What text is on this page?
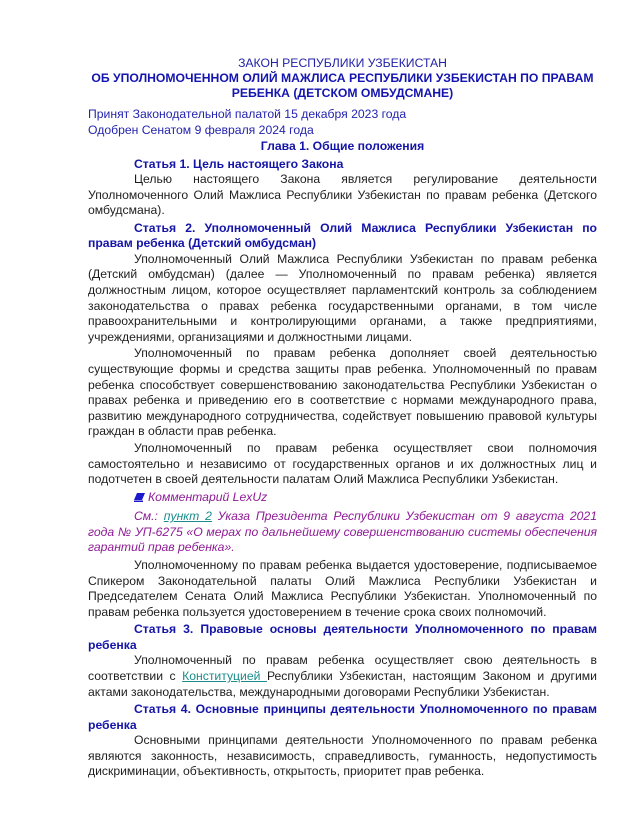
ЗАКОН РЕСПУБЛИКИ УЗБЕКИСТАН

ОБ УПОЛНОМОЧЕННОМ ОЛИЙ МАЖЛИСА РЕСПУБЛИКИ УЗБЕКИСТАН ПО ПРАВАМ РЕБЕНКА (ДЕТСКОМ ОМБУДСМАНЕ)

Принят Законодательной палатой 15 декабря 2023 года

Одобрен Сенатом 9 февраля 2024 года

Глава 1. Общие положения

Статья 1. Цель настоящего Закона

Целью настоящего Закона является регулирование деятельности Уполномоченного Олий Мажлиса Республики Узбекистан по правам ребенка (Детского омбудсмана).

Статья 2. Уполномоченный Олий Мажлиса Республики Узбекистан по правам ребенка (Детский омбудсман)

Уполномоченный Олий Мажлиса Республики Узбекистан по правам ребенка (Детский омбудсман) (далее — Уполномоченный по правам ребенка) является должностным лицом, которое осуществляет парламентский контроль за соблюдением законодательства о правах ребенка государственными органами, в том числе правоохранительными и контролирующими органами, а также предприятиями, учреждениями, организациями и должностными лицами.

Уполномоченный по правам ребенка дополняет своей деятельностью существующие формы и средства защиты прав ребенка. Уполномоченный по правам ребенка способствует совершенствованию законодательства Республики Узбекистан о правах ребенка и приведению его в соответствие с нормами международного права, развитию международного сотрудничества, содействует повышению правовой культуры граждан в области прав ребенка.

Уполномоченный по правам ребенка осуществляет свои полномочия самостоятельно и независимо от государственных органов и их должностных лиц и подотчетен в своей деятельности палатам Олий Мажлиса Республики Узбекистан.

Комментарий LexUz

См.: пункт 2 Указа Президента Республики Узбекистан от 9 августа 2021 года № УП-6275 «О мерах по дальнейшему совершенствованию системы обеспечения гарантий прав ребенка».

Уполномоченному по правам ребенка выдается удостоверение, подписываемое Спикером Законодательной палаты Олий Мажлиса Республики Узбекистан и Председателем Сената Олий Мажлиса Республики Узбекистан. Уполномоченный по правам ребенка пользуется удостоверением в течение срока своих полномочий.

Статья 3. Правовые основы деятельности Уполномоченного по правам ребенка

Уполномоченный по правам ребенка осуществляет свою деятельность в соответствии с Конституцией Республики Узбекистан, настоящим Законом и другими актами законодательства, международными договорами Республики Узбекистан.

Статья 4. Основные принципы деятельности Уполномоченного по правам ребенка

Основными принципами деятельности Уполномоченного по правам ребенка являются законность, независимость, справедливость, гуманность, недопустимость дискриминации, объективность, открытость, приоритет прав ребенка.
